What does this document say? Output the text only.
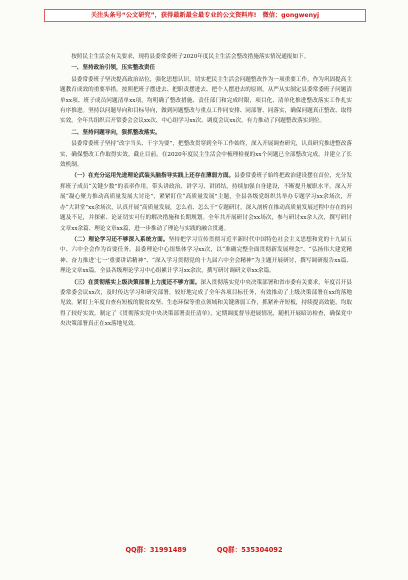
关注头条号“公文研究”，获得最新最全最专业的公文资料库! 微信：gongwenyj

按照民主生活会有关要求，现将县委常委班子2020年度民主生活会整改措施落实情况通报如下。

一、坚持政治引领，压实整改责任

县委常委班子坚决提高政治站位，强化思想认识，切实把民主生活会问题整改作为一项重要工作，作为巩固提高主题教育成效的重要举措，按照把班子摆进去、把职责摆进去、把个人摆进去的原则，从严从实制定县委常委班子问题清单xx项、班子成员问题清单xx项，均明确了整改措施、责任部门和完成时限，项目化、清单化推进整改落实工作扎实有序推进。坚持以问题导向和目标导向，做到问题整改与重点工作同安排、同部署、同落实，确保问题真正整改、取得实效。全年共组织召开常委会会议xx次、中心组学习xx次、调度会议xx次，有力推动了问题整改落实到位。

二、坚持问题导向，狠抓整改落实。

县委常委班子坚持“改字当头、干字为要”，把整改贯穿到全年工作始终，深入开展调查研究，认真研究推进整改落实，确保整改工作取得实效。截止目前，在2020年度民主生活会中梳理检视的xx个问题已全部整改完成，并建立了长效机制。

（一）在充分运用先进理论武装头脑指导实践上还存在薄弱方面。县委常委班子始终把政治建设摆在首位，充分发挥班子成员“关键少数”的表率作用，带头讲政治、讲学习、讲团结，持续加强自身建设，不断提升履职水平。深入开展“凝心聚力推动高质量发展大讨论”，紧紧盯住“高质量发展”主题，全县各级党组织共举办专题学习xx余场次，开办“大讲堂”xx余场次，认真开展“高质量发展，怎么看、怎么干”专题研讨，深入剖析在推动高质量发展过程中存在的问题及不足，并探索、论证切实可行的解决措施和长期规划。全年共开展研讨会xx场次，参与研讨xx余人次，撰写研讨文章xx余篇、理论文章xx篇，进一步推动了理论与实践的融合贯通。

（二）理论学习还不够深入系统方面。坚持把学习宣传贯彻习近平新时代中国特色社会主义思想和党的十九届五中、六中全会作为首要任务。县委理论中心组集体学习xx次，以“准确完整全面贯彻新发展理念”、“弘扬伟大建党精神、奋力推进‘七一’重要讲话精神”、“深入学习贯彻党的十九届六中全会精神”为主题开展研讨，撰写调研报告xx篇、理论文章xx篇。全县各级理论学习中心组累计学习xx余次，撰写研讨调研文章xx余篇。

（三）在贯彻落实上级决策部署上力度还不够方面。深入贯彻落实党中央决策部署和省市委有关要求，年度召开县委常委会议xx次，及时传达学习和研究部署，较好地完成了全年各项目标任务，有效推动了上级决策部署在xx的落地见效。紧盯上年度自查有短板的脱贫攻坚、生态环保等重点领域和关键薄弱工作，抓紧补齐短板，持续提高效能，均取得了较好实效。制定了《贯彻落实党中央决策部署责任清单》，定期调度督导进展情况，随机开展暗访检查，确保党中央决策部署真正在xx落地见效。

QQ群：31991489	QQ群：535304092
